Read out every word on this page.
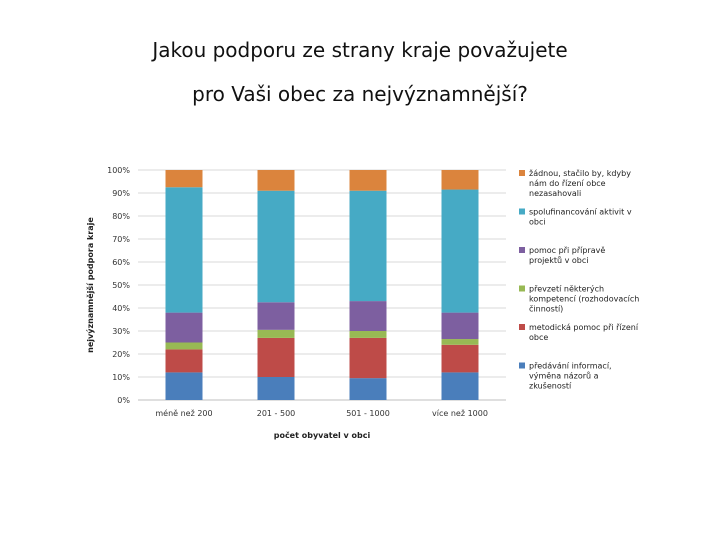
Jakou podporu ze strany kraje považujete
pro Vaši obec za nejvýznamnější?
0%
10%
20%
30%
40%
50%
60%
70%
80%
90%
100%
méně než 200	201 - 500	501 - 1000	více než 1000
žádnou, stačilo by, kdyby
nám do řízení obce
nezasahovali
spolufinancování aktivit v
obci
pomoc při přípravě
projektů v obci
převzetí některých
kompetencí (rozhodovacích
činností)
metodická pomoc při řízení
obce
předávání informací,
výměna názorů a
zkušeností
počet obyvatel v obci
nejvýznamnější podpora kraje
